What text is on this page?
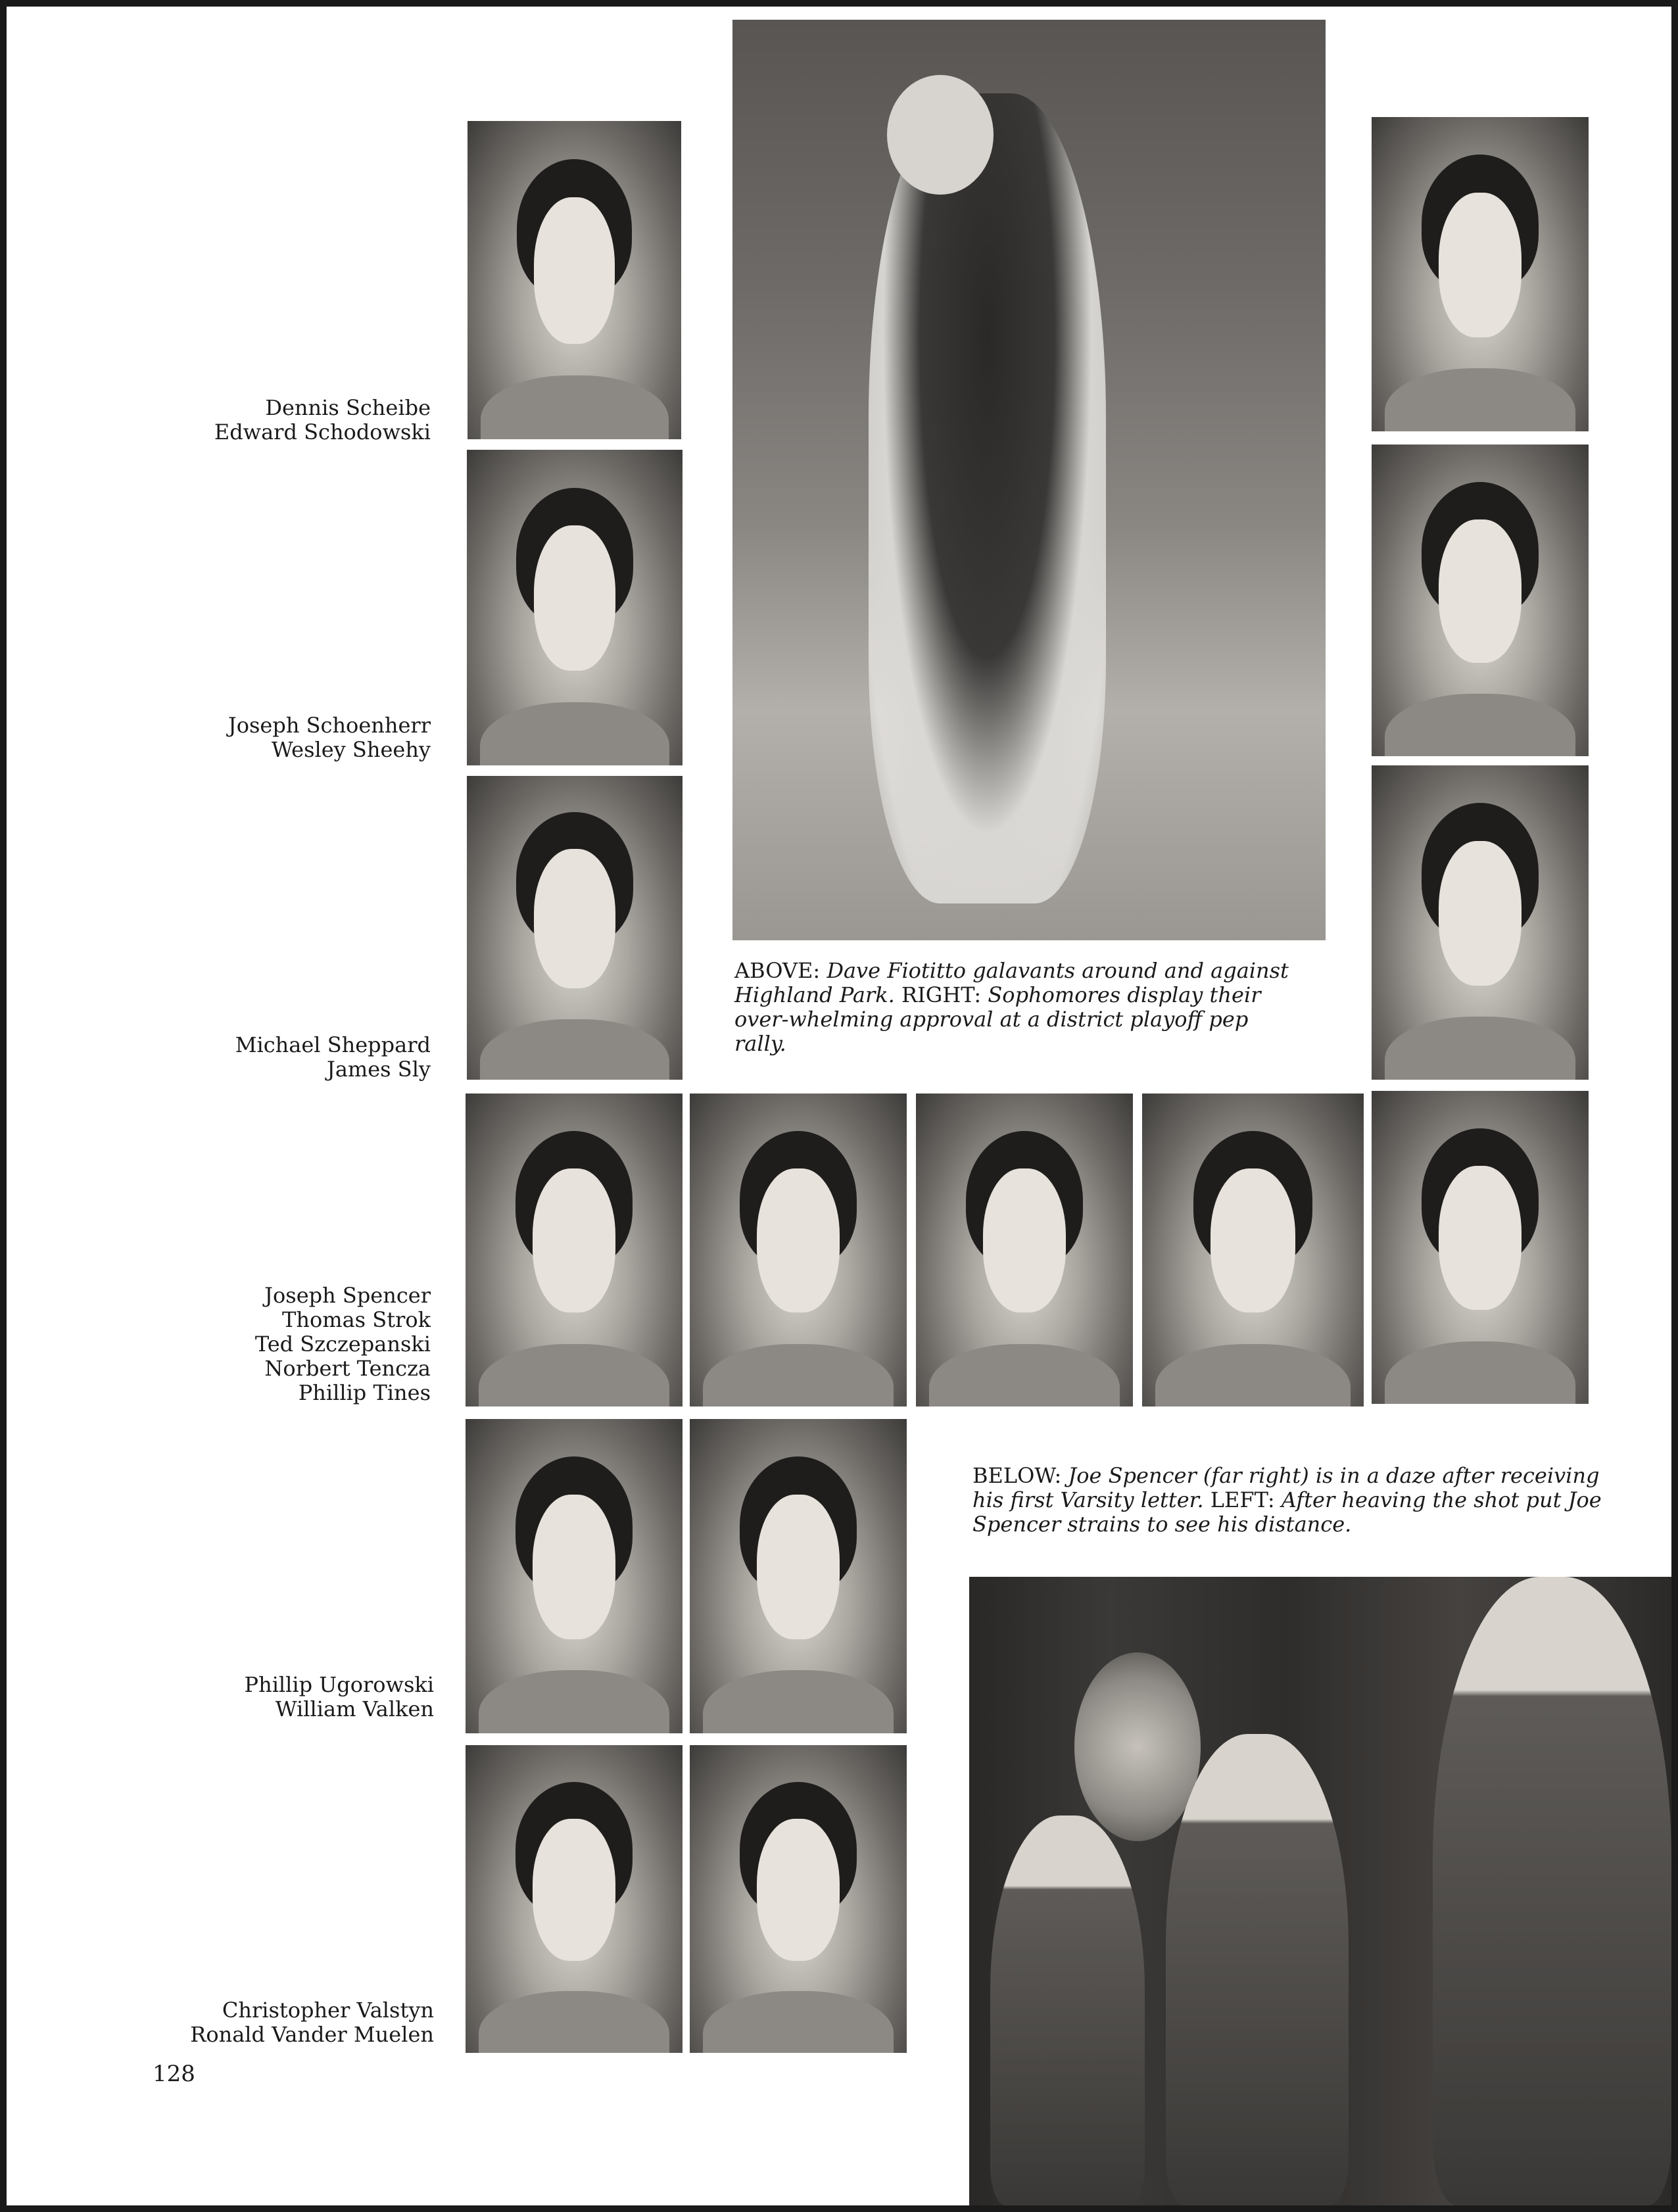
Dennis Scheibe
Edward Schodowski
Joseph Schoenherr
Wesley Sheehy
Michael Sheppard
James Sly
Joseph Spencer
Thomas Strok
Ted Szczepanski
Norbert Tencza
Phillip Tines
Phillip Ugorowski
William Valken
Christopher Valstyn
Ronald Vander Muelen
ABOVE: Dave Fiotitto galavants around and against Highland Park. RIGHT: Sophomores display their over-whelming approval at a district playoff pep rally.
BELOW: Joe Spencer (far right) is in a daze after receiving his first Varsity letter. LEFT: After heaving the shot put Joe Spencer strains to see his distance.
128
